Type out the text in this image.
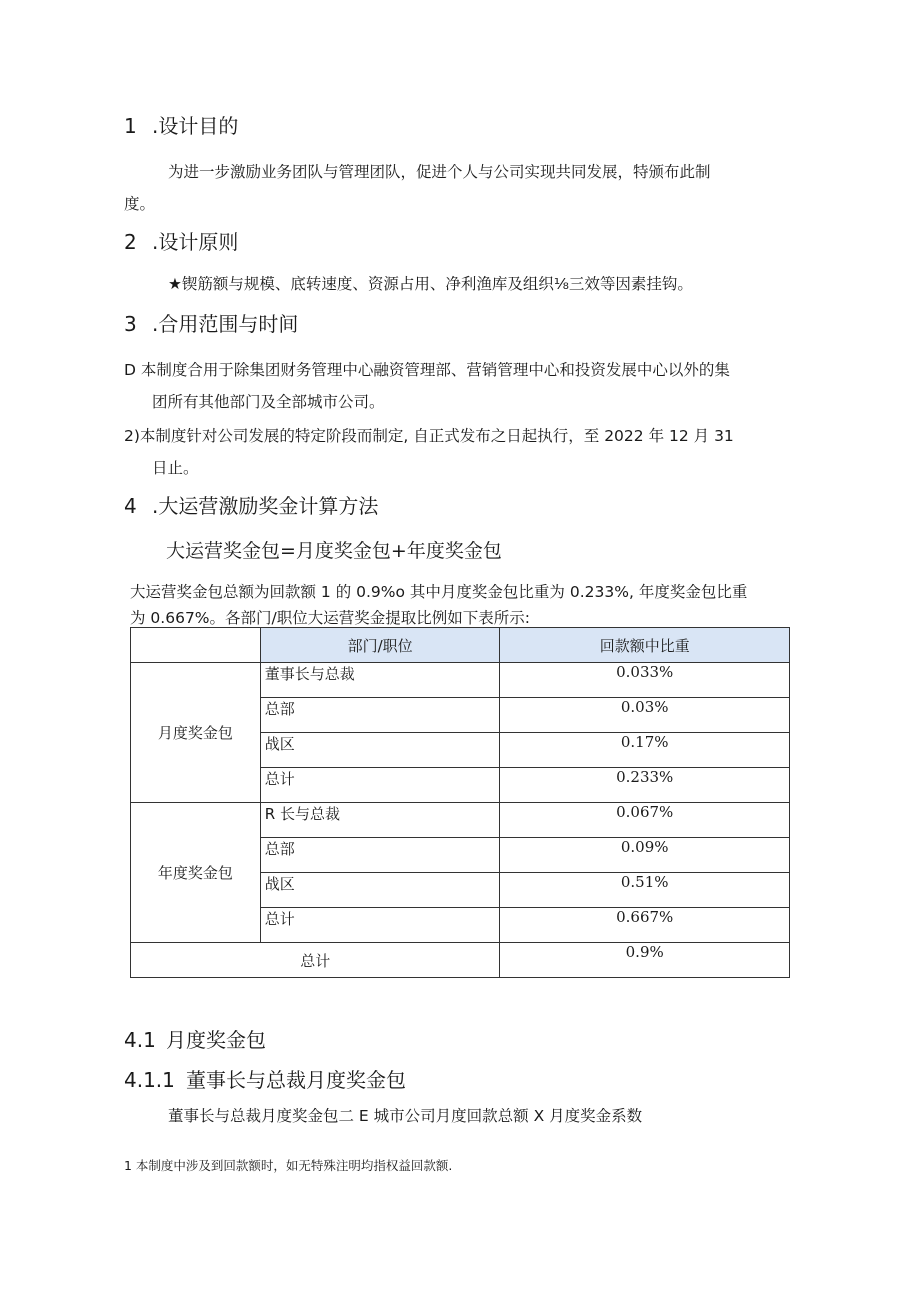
1 .设计目的
为进一步激励业务团队与管理团队，促进个人与公司实现共同发展，特颁布此制
度。
2 .设计原则
★锲筋额与规模、底转速度、资源占用、净利渔库及组织⅛三效等因素挂钩。
3 .合用范围与时间
D 本制度合用于除集团财务管理中心融资管理部、营销管理中心和投资发展中心以外的集
团所有其他部门及全部城市公司。
2)本制度针对公司发展的特定阶段而制定, 自正式发布之日起执行，至 2022 年 12 月 31
日止。
4 .大运营激励奖金计算方法
大运营奖金包=月度奖金包+年度奖金包
大运营奖金包总额为回款额 1 的 0.9%o 其中月度奖金包比重为 0.233%, 年度奖金包比重
为 0.667%。各部门/职位大运营奖金提取比例如下表所示:
	部门/职位	回款额中比重
月度奖金包	董事长与总裁	0.033%
	总部	0.03%
	战区	0.17%
	总计	0.233%
年度奖金包	R 长与总裁	0.067%
	总部	0.09%
	战区	0.51%
	总计	0.667%
总计		0.9%
4.1 月度奖金包
4.1.1 董事长与总裁月度奖金包
董事长与总裁月度奖金包二 E 城市公司月度回款总额 X 月度奖金系数
1 本制度中涉及到回款额时，如无特殊注明均指权益回款额.
